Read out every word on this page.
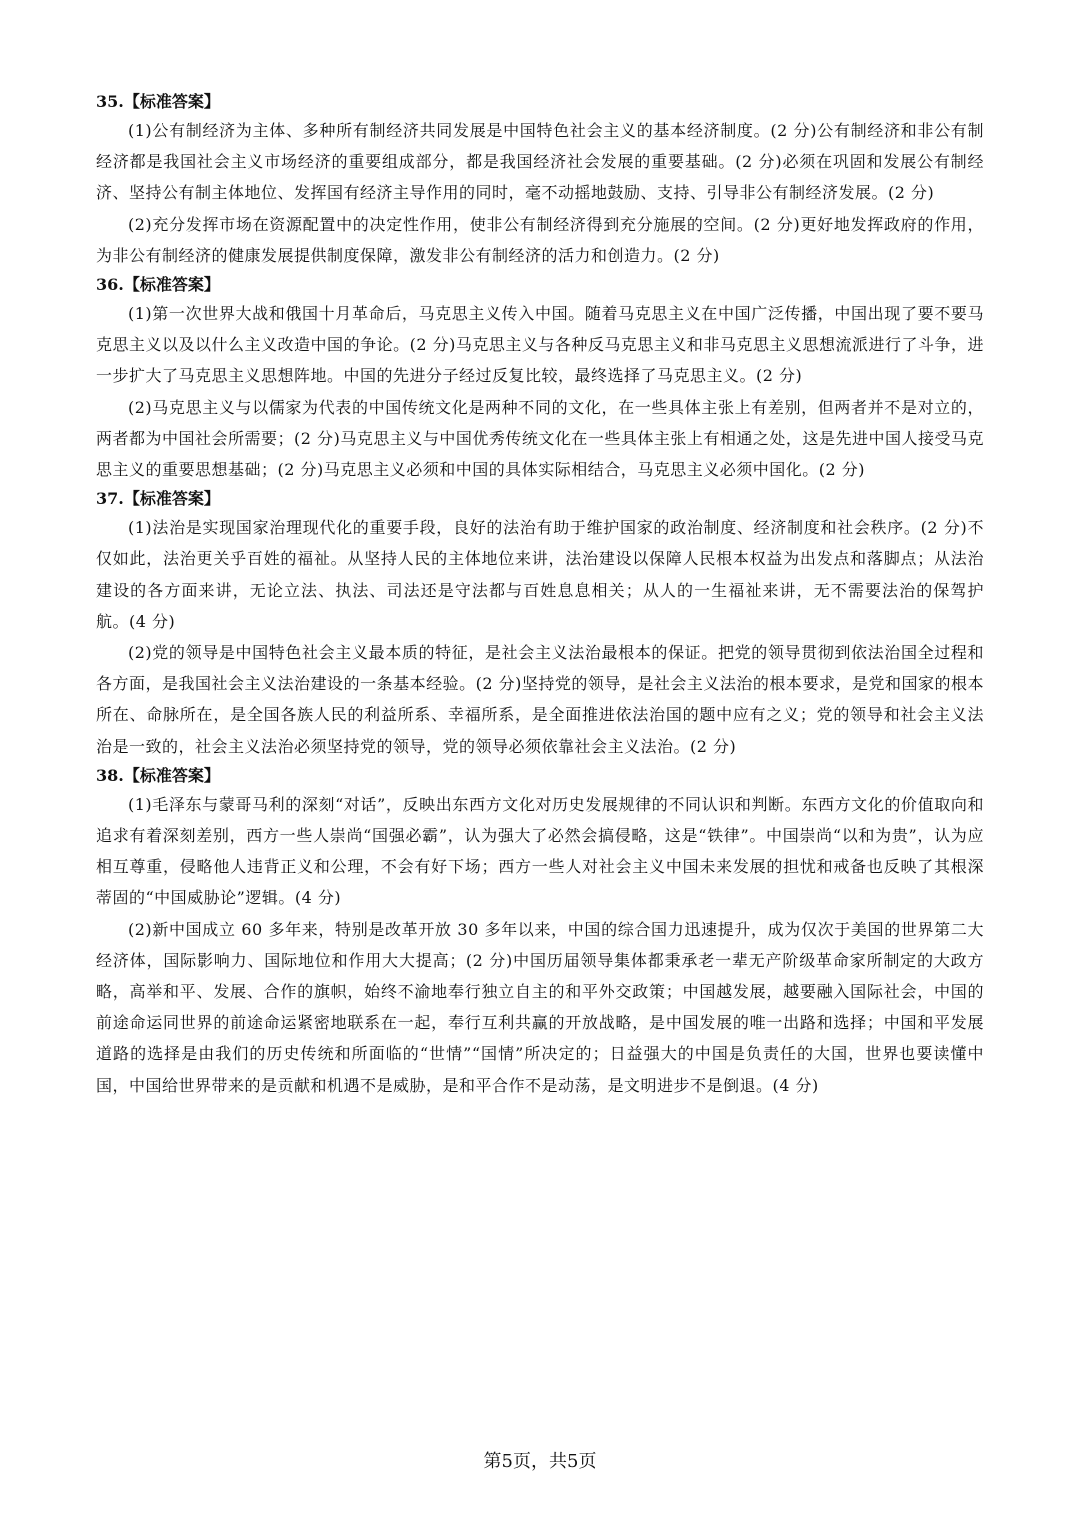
35.【标准答案】

(1)公有制经济为主体、多种所有制经济共同发展是中国特色社会主义的基本经济制度。(2 分)公有制经济和非公有制经济都是我国社会主义市场经济的重要组成部分，都是我国经济社会发展的重要基础。(2 分)必须在巩固和发展公有制经济、坚持公有制主体地位、发挥国有经济主导作用的同时，毫不动摇地鼓励、支持、引导非公有制经济发展。(2 分)

(2)充分发挥市场在资源配置中的决定性作用，使非公有制经济得到充分施展的空间。(2 分)更好地发挥政府的作用，为非公有制经济的健康发展提供制度保障，激发非公有制经济的活力和创造力。(2 分)

36.【标准答案】

(1)第一次世界大战和俄国十月革命后，马克思主义传入中国。随着马克思主义在中国广泛传播，中国出现了要不要马克思主义以及以什么主义改造中国的争论。(2 分)马克思主义与各种反马克思主义和非马克思主义思想流派进行了斗争，进一步扩大了马克思主义思想阵地。中国的先进分子经过反复比较，最终选择了马克思主义。(2 分)

(2)马克思主义与以儒家为代表的中国传统文化是两种不同的文化，在一些具体主张上有差别，但两者并不是对立的，两者都为中国社会所需要；(2 分)马克思主义与中国优秀传统文化在一些具体主张上有相通之处，这是先进中国人接受马克思主义的重要思想基础；(2 分)马克思主义必须和中国的具体实际相结合，马克思主义必须中国化。(2 分)

37.【标准答案】

(1)法治是实现国家治理现代化的重要手段，良好的法治有助于维护国家的政治制度、经济制度和社会秩序。(2 分)不仅如此，法治更关乎百姓的福祉。从坚持人民的主体地位来讲，法治建设以保障人民根本权益为出发点和落脚点；从法治建设的各方面来讲，无论立法、执法、司法还是守法都与百姓息息相关；从人的一生福祉来讲，无不需要法治的保驾护航。(4 分)

(2)党的领导是中国特色社会主义最本质的特征，是社会主义法治最根本的保证。把党的领导贯彻到依法治国全过程和各方面，是我国社会主义法治建设的一条基本经验。(2 分)坚持党的领导，是社会主义法治的根本要求，是党和国家的根本所在、命脉所在，是全国各族人民的利益所系、幸福所系，是全面推进依法治国的题中应有之义；党的领导和社会主义法治是一致的，社会主义法治必须坚持党的领导，党的领导必须依靠社会主义法治。(2 分)

38.【标准答案】

(1)毛泽东与蒙哥马利的深刻“对话”，反映出东西方文化对历史发展规律的不同认识和判断。东西方文化的价值取向和追求有着深刻差别，西方一些人崇尚“国强必霸”，认为强大了必然会搞侵略，这是“铁律”。中国崇尚“以和为贵”，认为应相互尊重，侵略他人违背正义和公理，不会有好下场；西方一些人对社会主义中国未来发展的担忧和戒备也反映了其根深蒂固的“中国威胁论”逻辑。(4 分)

(2)新中国成立 60 多年来，特别是改革开放 30 多年以来，中国的综合国力迅速提升，成为仅次于美国的世界第二大经济体，国际影响力、国际地位和作用大大提高；(2 分)中国历届领导集体都秉承老一辈无产阶级革命家所制定的大政方略，高举和平、发展、合作的旗帜，始终不渝地奉行独立自主的和平外交政策；中国越发展，越要融入国际社会，中国的前途命运同世界的前途命运紧密地联系在一起，奉行互利共赢的开放战略，是中国发展的唯一出路和选择；中国和平发展道路的选择是由我们的历史传统和所面临的“世情”“国情”所决定的；日益强大的中国是负责任的大国，世界也要读懂中国，中国给世界带来的是贡献和机遇不是威胁，是和平合作不是动荡，是文明进步不是倒退。(4 分)

第5页，共5页
